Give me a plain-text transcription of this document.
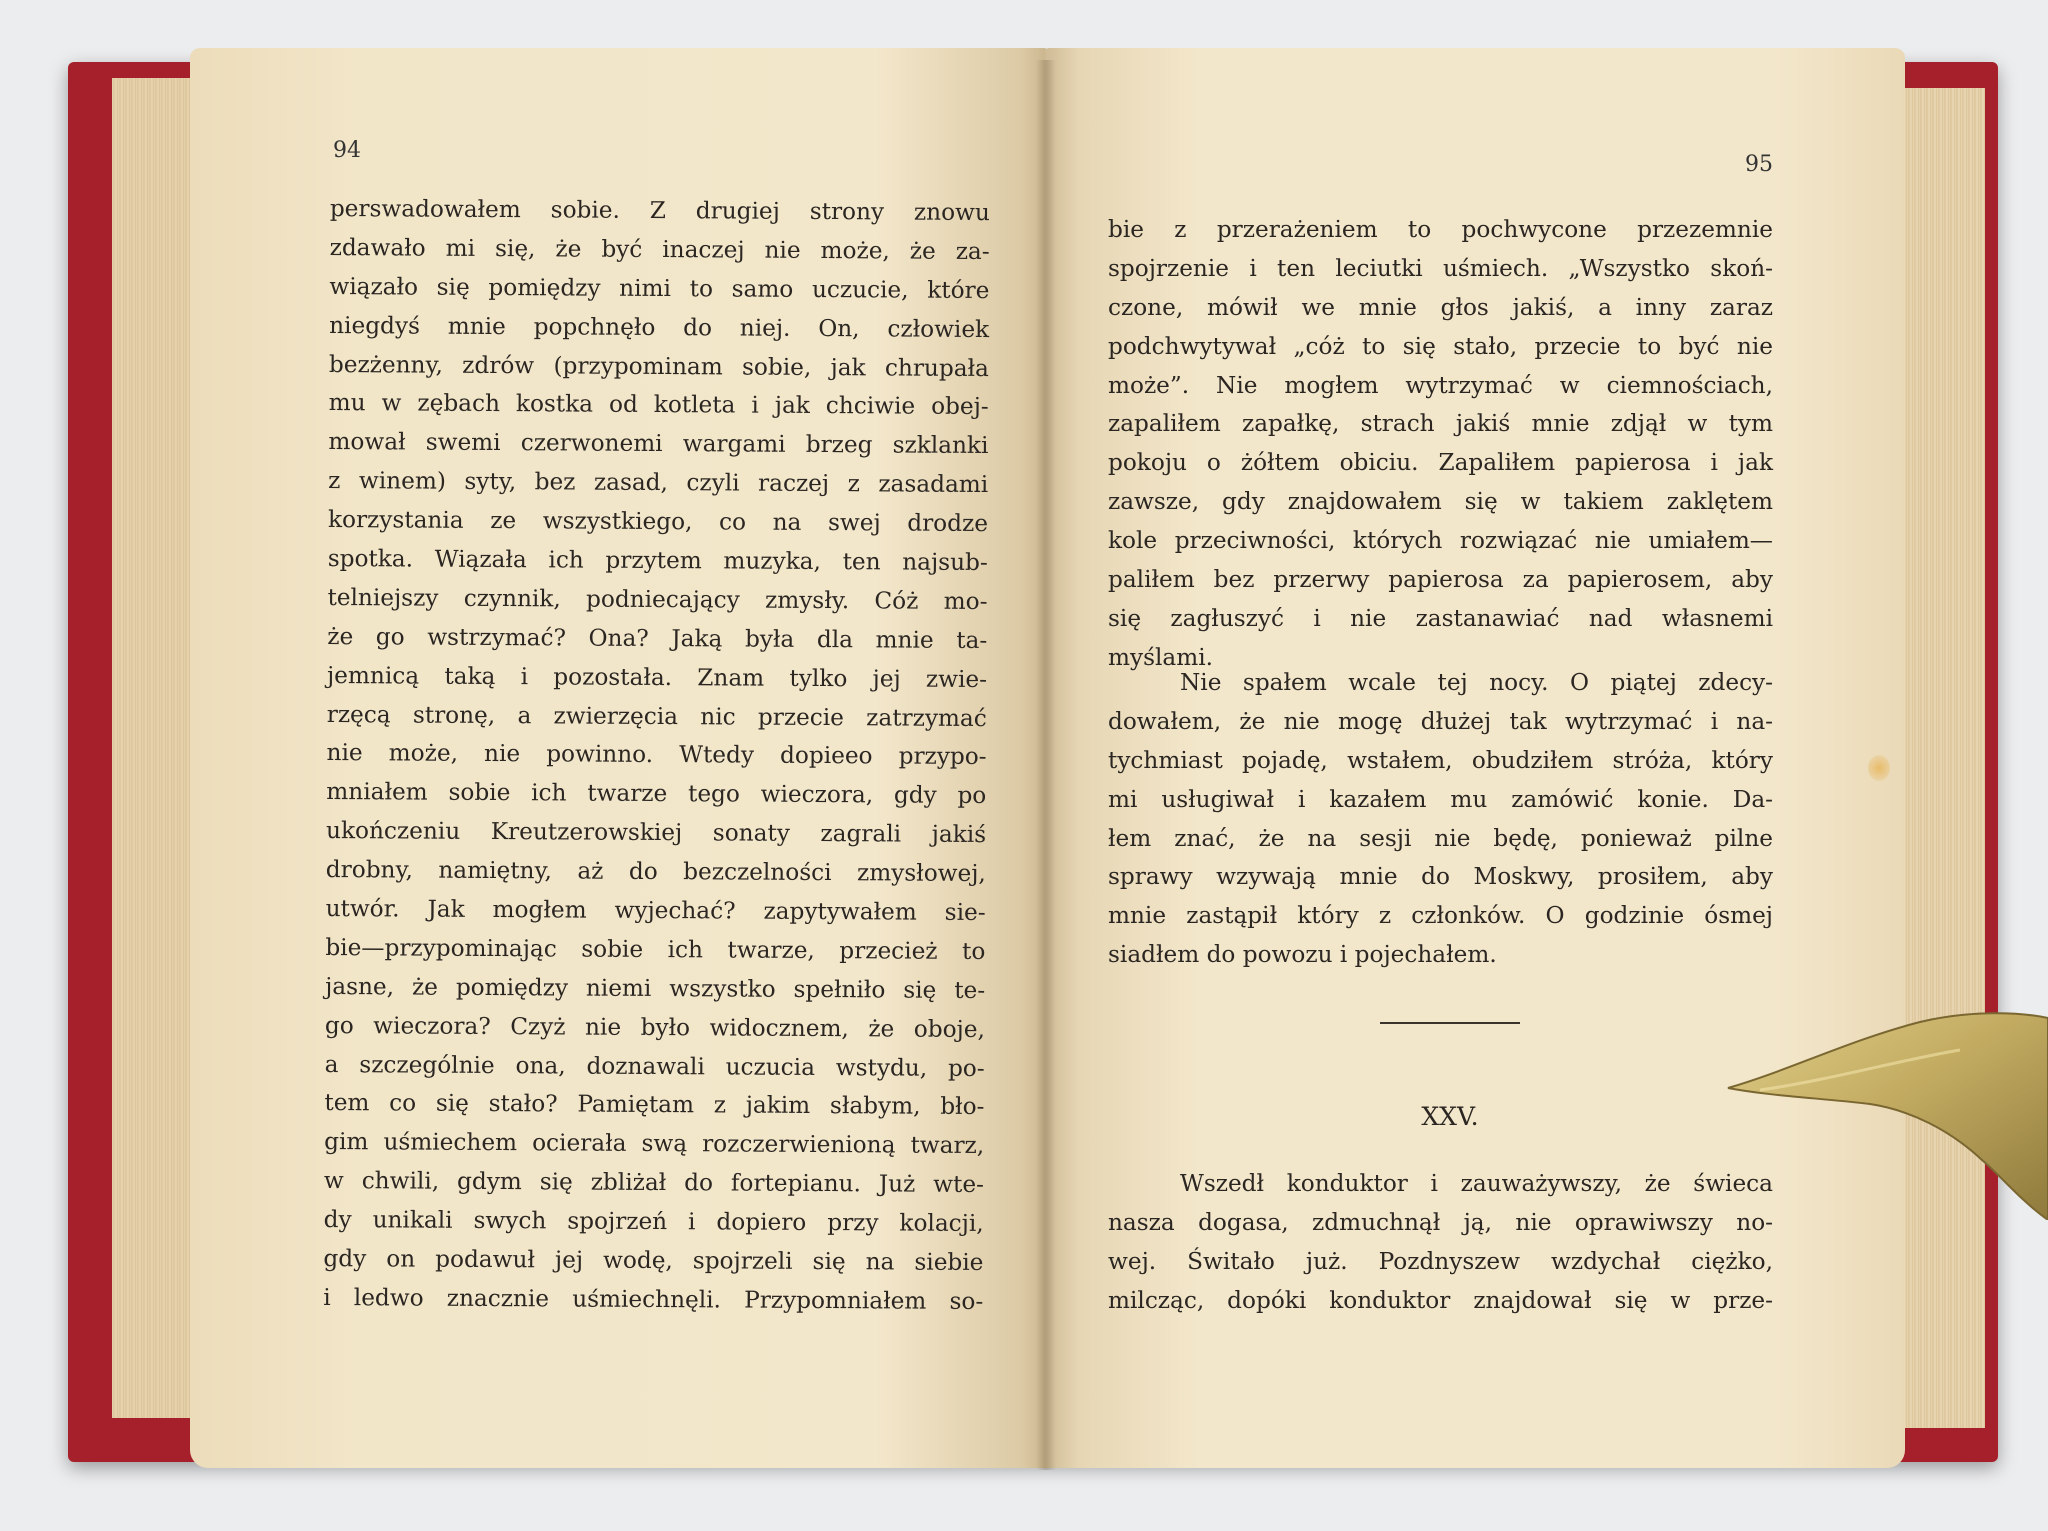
94
95
perswadowałem sobie. Z drugiej strony znowu
zdawało mi się, że być inaczej nie może, że za-
wiązało się pomiędzy nimi to samo uczucie, które
niegdyś mnie popchnęło do niej. On, człowiek
bezżenny, zdrów (przypominam sobie, jak chrupała
mu w zębach kostka od kotleta i jak chciwie obej-
mował swemi czerwonemi wargami brzeg szklanki
z winem) syty, bez zasad, czyli raczej z zasadami
korzystania ze wszystkiego, co na swej drodze
spotka. Wiązała ich przytem muzyka, ten najsub-
telniejszy czynnik, podniecający zmysły. Cóż mo-
że go wstrzymać? Ona? Jaką była dla mnie ta-
jemnicą taką i pozostała. Znam tylko jej zwie-
rzęcą stronę, a zwierzęcia nic przecie zatrzymać
nie może, nie powinno. Wtedy dopieeo przypo-
mniałem sobie ich twarze tego wieczora, gdy po
ukończeniu Kreutzerowskiej sonaty zagrali jakiś
drobny, namiętny, aż do bezczelności zmysłowej,
utwór. Jak mogłem wyjechać? zapytywałem sie-
bie—przypominając sobie ich twarze, przecież to
jasne, że pomiędzy niemi wszystko spełniło się te-
go wieczora? Czyż nie było widocznem, że oboje,
a szczególnie ona, doznawali uczucia wstydu, po-
tem co się stało? Pamiętam z jakim słabym, bło-
gim uśmiechem ocierała swą rozczerwienioną twarz,
w chwili, gdym się zbliżał do fortepianu. Już wte-
dy unikali swych spojrzeń i dopiero przy kolacji,
gdy on podawuł jej wodę, spojrzeli się na siebie
i ledwo znacznie uśmiechnęli. Przypomniałem so-
bie z przerażeniem to pochwycone przezemnie
spojrzenie i ten leciutki uśmiech. „Wszystko skoń-
czone, mówił we mnie głos jakiś, a inny zaraz
podchwytywał „cóż to się stało, przecie to być nie
może”. Nie mogłem wytrzymać w ciemnościach,
zapaliłem zapałkę, strach jakiś mnie zdjął w tym
pokoju o żółtem obiciu. Zapaliłem papierosa i jak
zawsze, gdy znajdowałem się w takiem zaklętem
kole przeciwności, których rozwiązać nie umiałem—
paliłem bez przerwy papierosa za papierosem, aby
się zagłuszyć i nie zastanawiać nad własnemi
myślami.
Nie spałem wcale tej nocy. O piątej zdecy-
dowałem, że nie mogę dłużej tak wytrzymać i na-
tychmiast pojadę, wstałem, obudziłem stróża, który
mi usługiwał i kazałem mu zamówić konie. Da-
łem znać, że na sesji nie będę, ponieważ pilne
sprawy wzywają mnie do Moskwy, prosiłem, aby
mnie zastąpił który z członków. O godzinie ósmej
siadłem do powozu i pojechałem.
XXV.
Wszedł konduktor i zauważywszy, że świeca
nasza dogasa, zdmuchnął ją, nie oprawiwszy no-
wej. Świtało już. Pozdnyszew wzdychał ciężko,
milcząc, dopóki konduktor znajdował się w prze-
